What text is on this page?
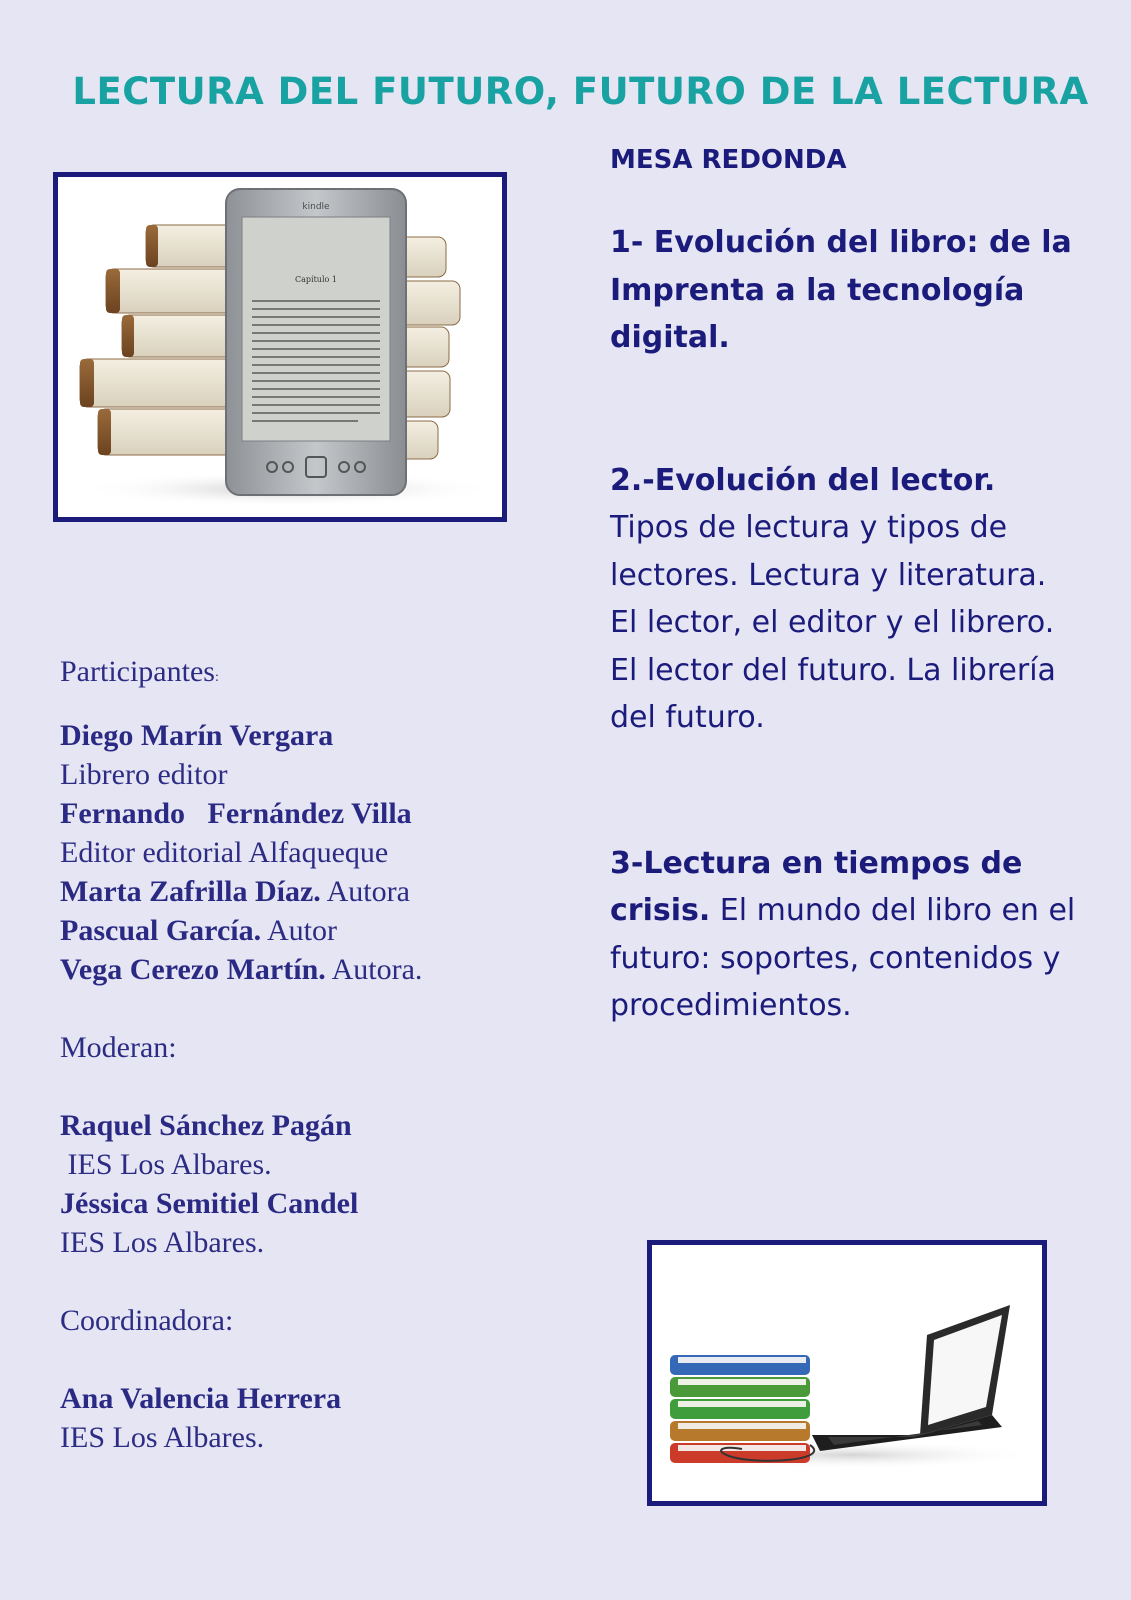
LECTURA DEL FUTURO, FUTURO DE LA LECTURA
kindle
Capítulo 1

MESA REDONDA

1- Evolución del libro: de la Imprenta a la tecnología digital.

2.-Evolución del lector.
Tipos de lectura y tipos de lectores. Lectura y literatura. El lector, el editor y el librero. El lector del futuro. La librería del futuro.

3-Lectura en tiempos de crisis. El mundo del libro en el futuro: soportes, contenidos y procedimientos.

Participantes:
Diego Marín Vergara
Librero editor
Fernando   Fernández Villa
Editor editorial Alfaqueque
Marta Zafrilla Díaz. Autora
Pascual García. Autor
Vega Cerezo Martín. Autora.
Moderan:
Raquel Sánchez Pagán
IES Los Albares.
Jéssica Semitiel Candel
IES Los Albares.
Coordinadora:
Ana Valencia Herrera
IES Los Albares.
